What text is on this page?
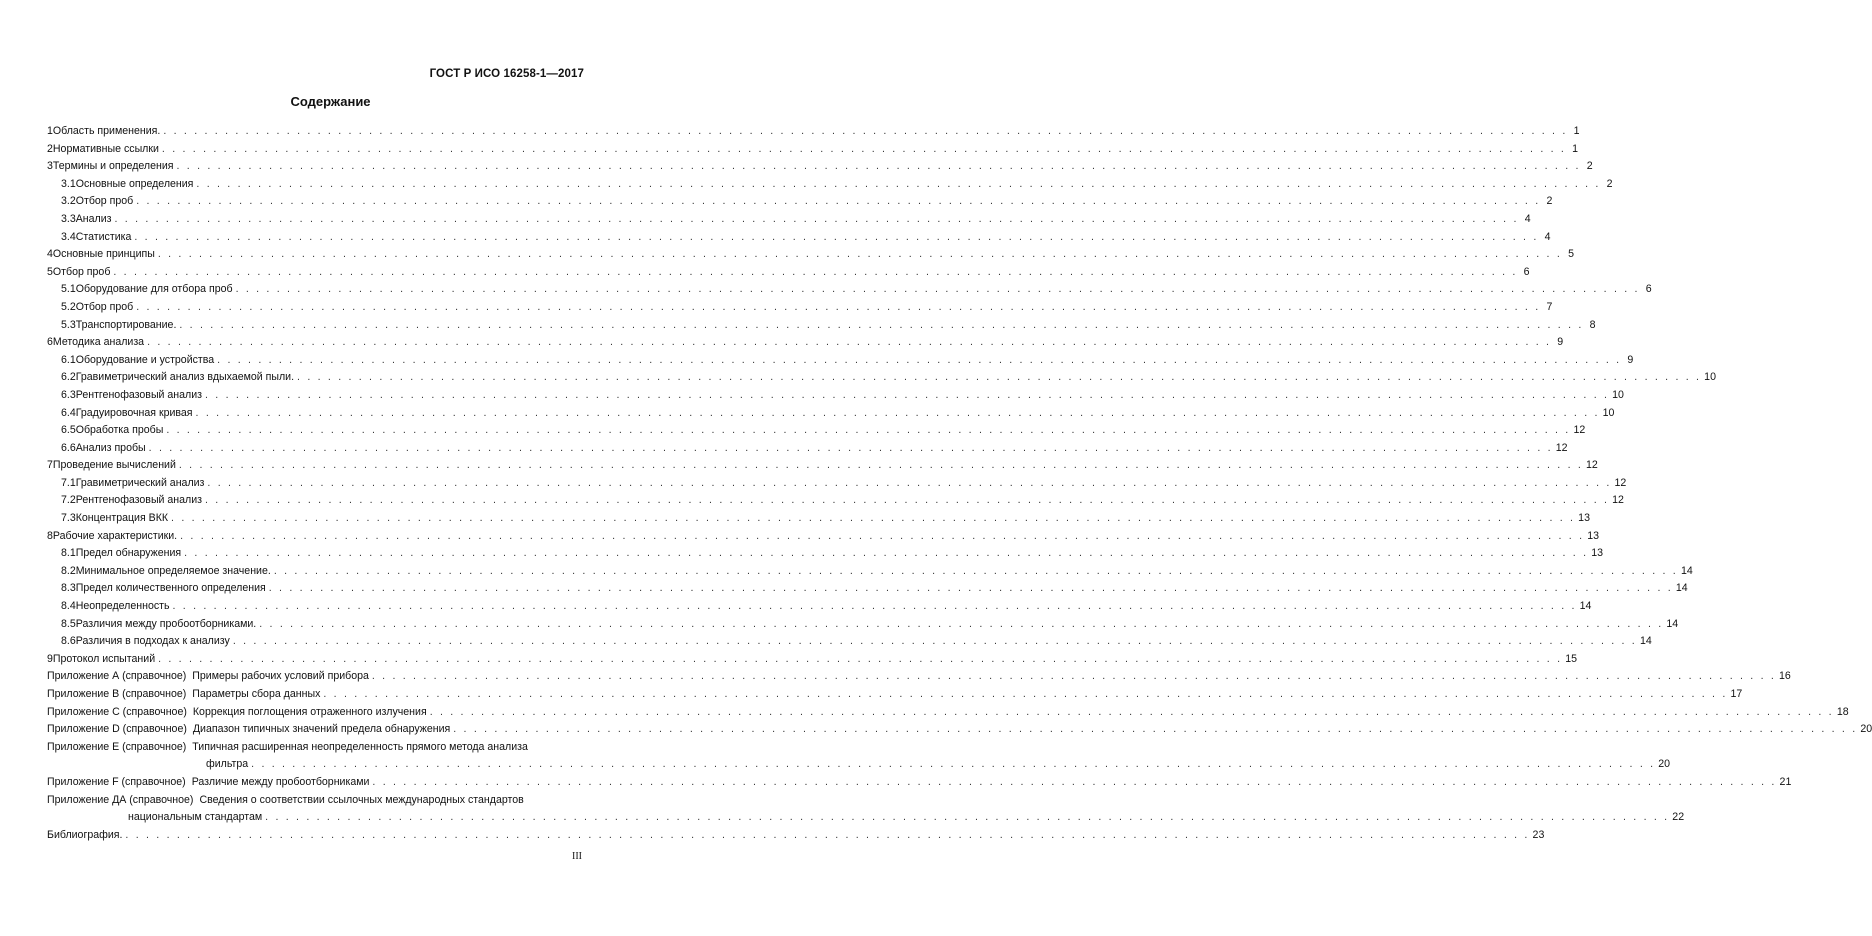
ГОСТ Р ИСО 16258-1—2017
Содержание
1 Область применения. . . .	1
2 Нормативные ссылки . . .	1
3 Термины и определения . . .	2
3.1 Основные определения . . .	2
3.2 Отбор проб . . .	2
3.3 Анализ . . .	4
3.4 Статистика . . .	4
4 Основные принципы . . .	5
5 Отбор проб . . .	6
5.1 Оборудование для отбора проб . . .	6
5.2 Отбор проб . . .	7
5.3 Транспортирование. . . .	8
6 Методика анализа . . .	9
6.1 Оборудование и устройства . . .	9
6.2 Гравиметрический анализ вдыхаемой пыли. . . .	10
6.3 Рентгенофазовый анализ . . .	10
6.4 Градуировочная кривая . . .	10
6.5 Обработка пробы . . .	12
6.6 Анализ пробы . . .	12
7 Проведение вычислений . . .	12
7.1 Гравиметрический анализ . . .	12
7.2 Рентгенофазовый анализ . . .	12
7.3 Концентрация ВКК . . .	13
8 Рабочие характеристики. . . .	13
8.1 Предел обнаружения . . .	13
8.2 Минимальное определяемое значение. . . .	14
8.3 Предел количественного определения . . .	14
8.4 Неопределенность . . .	14
8.5 Различия между пробоотборниками. . . .	14
8.6 Различия в подходах к анализу . . .	14
9 Протокол испытаний . . .	15
Приложение А (справочное) Примеры рабочих условий прибора . . .	16
Приложение В (справочное) Параметры сбора данных . . .	17
Приложение С (справочное) Коррекция поглощения отраженного излучения . . .	18
Приложение D (справочное) Диапазон типичных значений предела обнаружения . . .	20
Приложение Е (справочное) Типичная расширенная неопределенность прямого метода анализа
фильтра . . .	20
Приложение F (справочное) Различие между пробоотборниками . . .	21
Приложение ДА (справочное) Сведения о соответствии ссылочных международных стандартов
национальным стандартам . . .	22
Библиография. . . .	23
III
